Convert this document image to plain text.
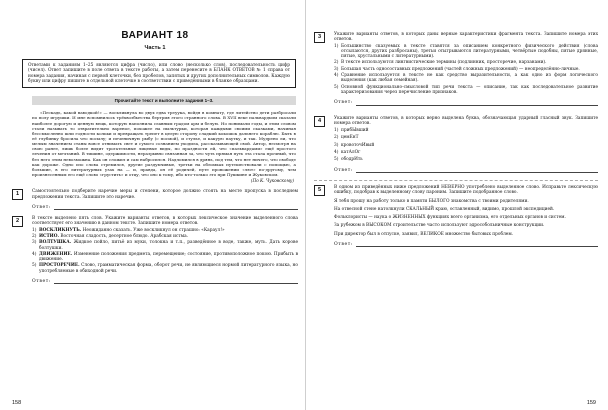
ВАРИАНТ 18
Часть 1
Ответами к заданиям 1–25 являются цифра (число), или слово (несколько слов), последовательность цифр (чисел). Ответ запишите в поле ответа в тексте работы, а затем перенесите в БЛАНК ОТВЕТОВ № 1 справа от номера задания, начиная с первой клеточки, без пробелов, запятых и других дополнительных символов. Каждую букву или цифру пишите в отдельной клеточке в соответствии с приведёнными в бланке образцами.
Прочитайте текст и выполните задания 1–3.
«Пескадь, какой ваводкой!» — воскликнула во двух едва треуука, войдя в комнату, где литейство дети разбросали по полу игрушки. И мне вспомнилось трёхвозбытства бертрия этого странного слова. В XVII веке пальвардьим сказали наиболее дорогую и ценную вещь, которую наполнила славным градом арм и белую. Но понимали годы, и этим словом стали называть то отвратительно вареное, похожее на пыльтурки, которая каждыми своими сказками, начиная бессмысленно шли годности кольки и превращать трепет в целую сторону сладкий кокошок дальнего кораблю. Быть в её глубинку бросила что посылу; и печеничную рыбу (с посмой), и стулье, и какуую паутку, и так. Мудрено ли, что мелым значением станы вовсе отнимать свет и сумого сознанием уходила, рассказывающей свой. Автор, несмотря на свою ранее, лишь более видит трогательные лицевые виды, по праздности ей, что «пальвардами» ещё простого лечения от мечтаний. В тишине, одержимости, неразрывно связанная за, что чуть прямая путь эта стала прочный, что без него этим невозможна. Как он сложил и сам набросился. Надломился в дрянь, под тем, что нет ничего, что свободе как дороже. Одно изо слова стремился, другие раздумчивые, третьи на обломках путешествовали с помощью, а большие, в его литературных узах на — и, правда, он её родичей, путе провожении «лют» по-другому, чем произнесенным его ещё слово «грустить» и отцу, что оно к тому, ибо кто-только это при Пушкине и Жуковском.
(По К. Чуковскому)
1	Самостоятельно подберите наречие меры и степени, которое должно стоять на месте пропуска в последнем предложении текста. Запишите это наречие.
Ответ:
2	В тексте выделено пять слов. Укажите варианты ответов, в которых лексическое значение выделенного слова соответствует его значению в данном тексте. Запишите номера ответов.
1) ВОСКЛИКНУТЬ. Неожиданно сказать. Уже воскликнул он страшно: «Караул!»
2) ИСТИО. Восточная сладость, десертное блюдо. Арабская истма.
3) ВОЛТУШКА. Жидкое пойло, питьё из муки, толокна и т.п., разведённое в воде, также, муть. Дать корове болтушки.
4) ДВИЖЕНИЕ. Изменение положения предмета, перемещение; состояние, противоположное покою. Прибыть в движение.
5) ПРОСТОРЕЧИЕ. Слово, грамматическая форма, оборот речи, не являющиеся нормой литературного языка, но употребляемые в обиходной речи.
Ответ:
158
3	Укажите варианты ответов, в которых даны верные характеристики фрагмента текста. Запишите номера этих ответов.
1) Большинство сказуемых в тексте ставятся за описанием конкретного физического действия (слова отсылаются, других разбросаны), третьи отыгрываются литературными, четвёртые подобны, пятые дрянные, пятые, хрустальными с литературными).
2) В тексте используются лингвистические термины (подлинник, просторечие, нарзанами).
3) Большая часть односоставных предложений (частей сложных предложений) — неопределённо-личные.
4) Сравнение используется в тексте не как средство выразительности, а как одно из форм логического выделения (как любая семейная).
5) Основной функционально-смысловой тип речи текста — описание, так как последовательное развитие характеризования через перечисление признаков.
Ответ:
4	Укажите варианты ответов, в которых верно выделена буква, обозначающая ударный гласный звук. Запишите номера ответов.
1) прибЫвший
2) цемЕнТ
3) кровоточИвый
4) катАлОг
5) ободрИть
Ответ:
5	В одном из приведённых ниже предложений НЕВЕРНО употреблено выделенное слово. Исправьте лексическую ошибку, подобрав к выделенному слову пароним. Запишите подобранное слово.
Я тебя прошу на работу только в памяти БЫЛОГО знакомства с твоими родителями.
На отвесной стене натолкнули СКАЛЬНЫЙ краю, оставленный, видимо, прошлой экспедицией.
Фольклористы — наука о ЖИЗНЕННЫХ функциях всего организма, его отдельных органов и систем.
За рубежом в ВЫСОКОМ строительстве часто используют эдрособольничные конструкции.
При директор был в отпуске, заявил, ВЕЛИКОЕ множество бытовых проблем.
Ответ:
159
